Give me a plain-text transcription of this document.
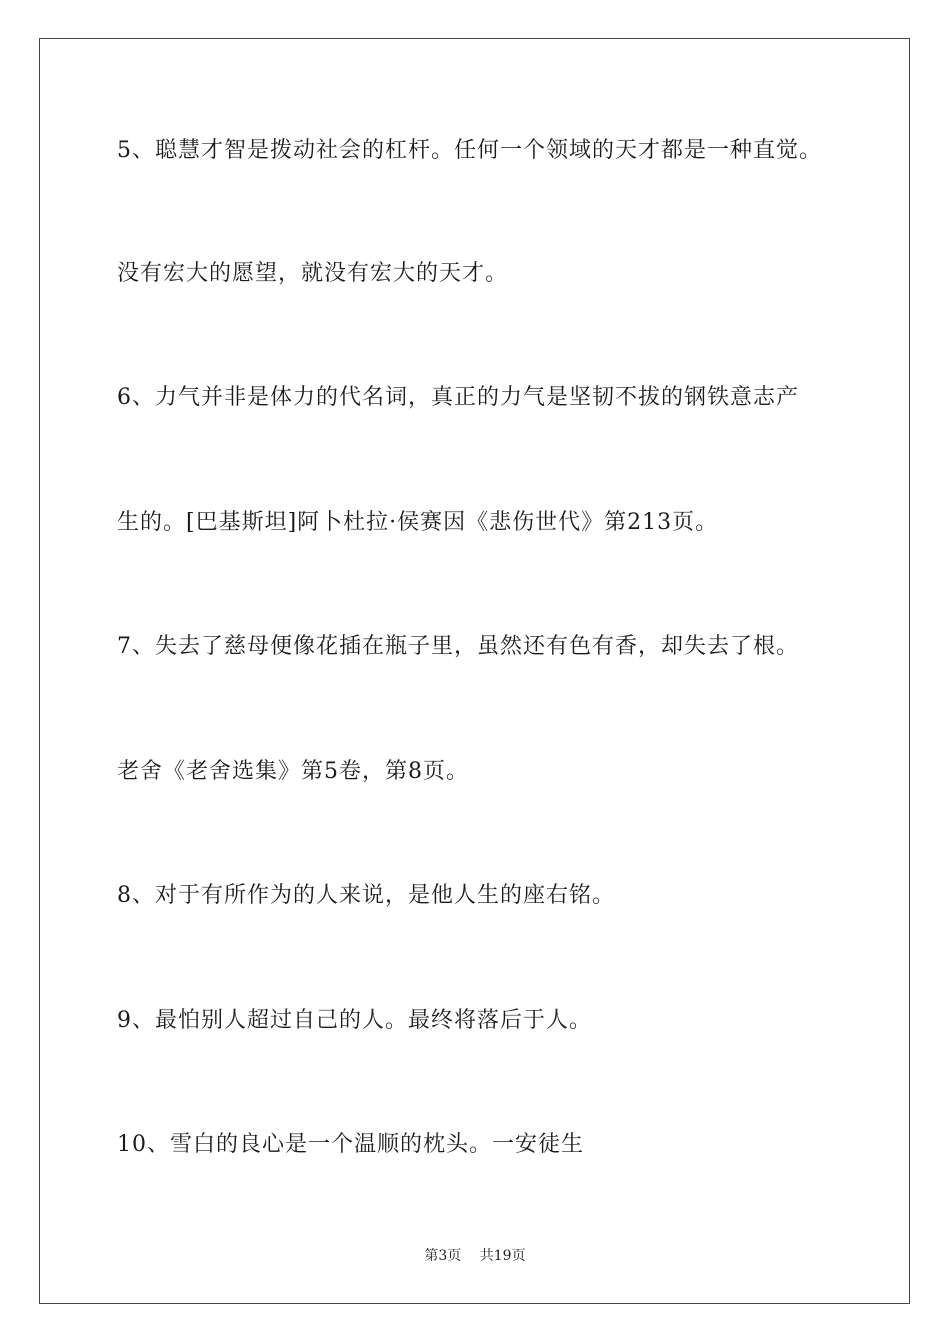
5、聪慧才智是拨动社会的杠杆。任何一个领域的天才都是一种直觉。
没有宏大的愿望，就没有宏大的天才。
6、力气并非是体力的代名词，真正的力气是坚韧不拔的钢铁意志产
生的。[巴基斯坦]阿卜杜拉·侯赛因《悲伤世代》第213页。
7、失去了慈母便像花插在瓶子里，虽然还有色有香，却失去了根。
老舍《老舍选集》第5卷，第8页。
8、对于有所作为的人来说，是他人生的座右铭。
9、最怕别人超过自己的人。最终将落后于人。
10、雪白的良心是一个温顺的枕头。一安徒生
第3页 共19页
